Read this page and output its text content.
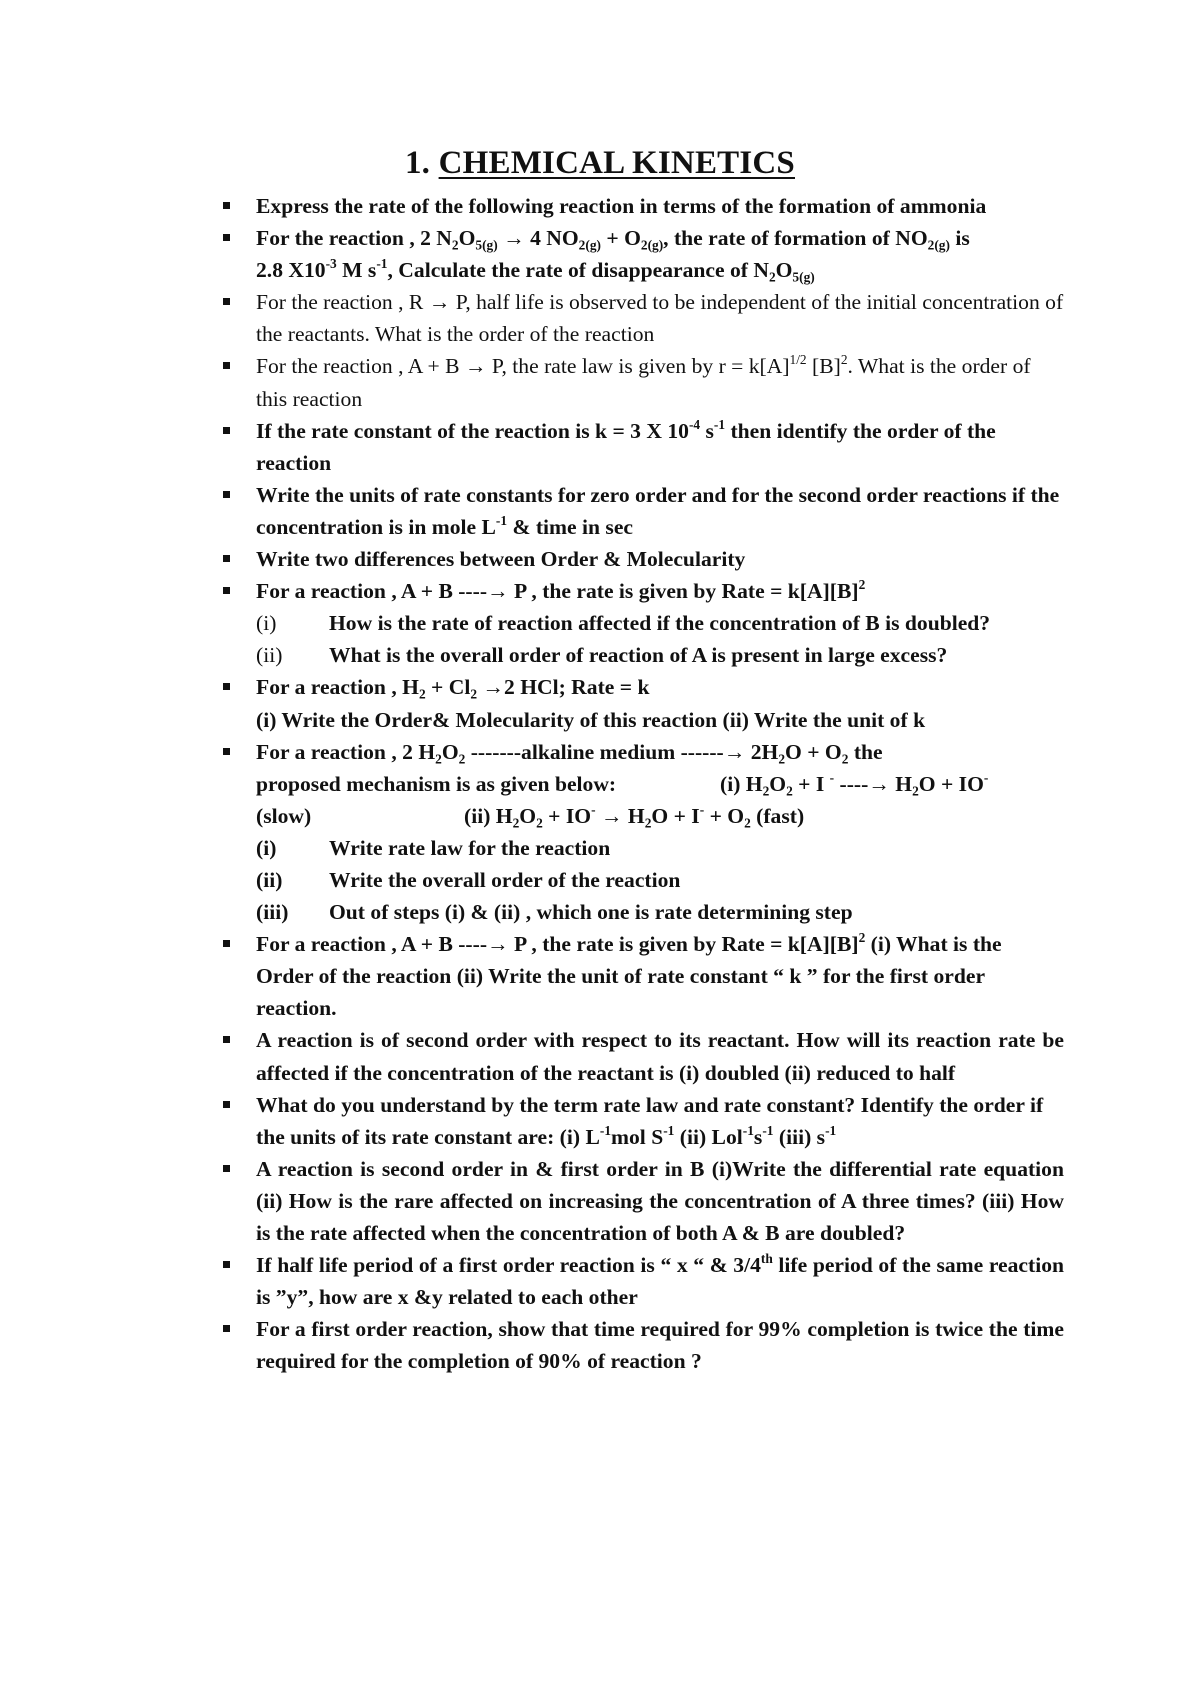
1. CHEMICAL KINETICS
Express the rate of the following reaction in terms of the formation of ammonia
For the reaction , 2 $N_2O_{5(g)} \to 4$ $NO_{2(g)} + O_{2(g)}$, the rate of formation of $NO_{2(g)}$ is
2.8 $X10^{-3}$ M $s^{-1}$, Calculate the rate of disappearance of $N_2O_{5(g)}$
For the reaction , R → P, half life is observed to be independent of the initial concentration of the reactants. What is the order of the reaction
For the reaction , A + B → P, the rate law is given by $r = k[A]^{1/2}$ $[B]^2$. What is the order of this reaction
If the rate constant of the reaction is k = 3 X $10^{-4}$ $s^{-1}$ then identify the order of the reaction
Write the units of rate constants for zero order and for the second order reactions if the concentration is in mole $L^{-1}$ & time in sec
Write two differences between Order & Molecularity
For a reaction , A + B ----→ P , the rate is given by Rate = $k[A][B]^2$
(i)	How is the rate of reaction affected if the concentration of B is doubled?
(ii)	What is the overall order of reaction of A is present in large excess?
For a reaction , $H_2 + Cl_2 \to 2$ HCl; Rate = k
(i) Write the Order& Molecularity of this reaction (ii) Write the unit of k
For a reaction , 2 $H_2O_2$ -------alkaline medium ------→ $2H_2O + O_2$ the
proposed mechanism is as given below:	(i) $H_2O_2 + I$ - ----→ $H_2O + IO^-$
(slow)	(ii) $H_2O_2 + IO^- \to H_2O + I^- + O_2$ (fast)
(i)	Write rate law for the reaction
(ii)	Write the overall order of the reaction
(iii)	Out of steps (i) & (ii) , which one is rate determining step
For a reaction , A + B ----→ P , the rate is given by Rate = $k[A][B]^2$ (i) What is the Order of the reaction (ii) Write the unit of rate constant “ k ” for the first order reaction.
A reaction is of second order with respect to its reactant. How will its reaction rate be affected if the concentration of the reactant is (i) doubled (ii) reduced to half
What do you understand by the term rate law and rate constant? Identify the order if the units of its rate constant are: (i) $L^{-1}mol$ $S^{-1}$ (ii) $Lol^{-1}s^{-1}$ (iii) $s^{-1}$
A reaction is second order in & first order in B (i)Write the differential rate equation (ii) How is the rare affected on increasing the concentration of A three times? (iii) How is the rate affected when the concentration of both A & B are doubled?
If half life period of a first order reaction is “ x “ & 3/4th life period of the same reaction is ”y”, how are x &y related to each other
For a first order reaction, show that time required for 99% completion is twice the time required for the completion of 90% of reaction ?
